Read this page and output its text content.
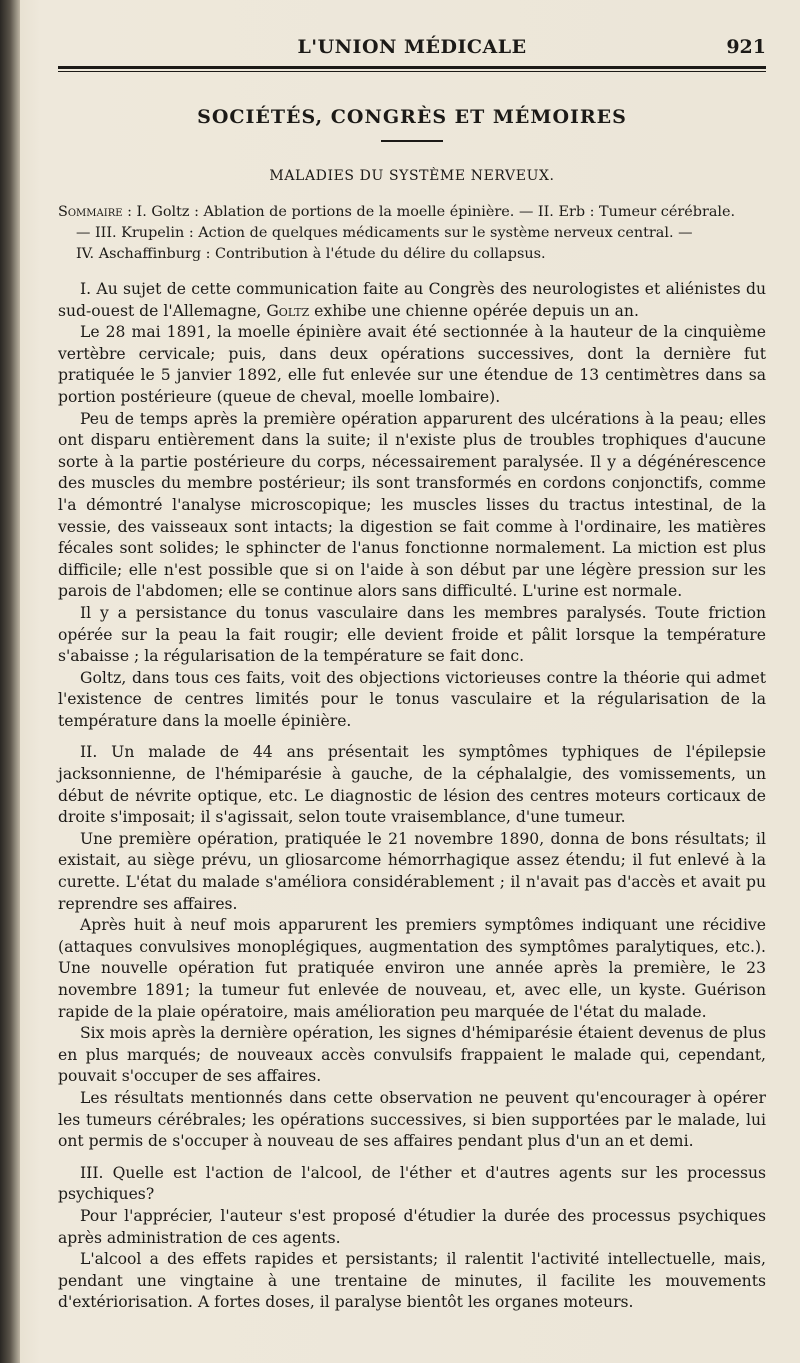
L'UNION MÉDICALE	921
SOCIÉTÉS, CONGRÈS ET MÉMOIRES
MALADIES DU SYSTÈME NERVEUX.
Sommaire : I. Goltz : Ablation de portions de la moelle épinière. — II. Erb : Tumeur cérébrale.
— III. Krupelin : Action de quelques médicaments sur le système nerveux central. —
IV. Aschaffinburg : Contribution à l'étude du délire du collapsus.

I. Au sujet de cette communication faite au Congrès des neurologistes et aliénistes du sud-ouest de l'Allemagne, Goltz exhibe une chienne opérée depuis un an.

Le 28 mai 1891, la moelle épinière avait été sectionnée à la hauteur de la cinquième vertèbre cervicale; puis, dans deux opérations successives, dont la dernière fut pratiquée le 5 janvier 1892, elle fut enlevée sur une étendue de 13 centimètres dans sa portion postérieure (queue de cheval, moelle lombaire).

Peu de temps après la première opération apparurent des ulcérations à la peau; elles ont disparu entièrement dans la suite; il n'existe plus de troubles trophiques d'aucune sorte à la partie postérieure du corps, nécessairement paralysée. Il y a dégénérescence des muscles du membre postérieur; ils sont transformés en cordons conjonctifs, comme l'a démontré l'analyse microscopique; les muscles lisses du tractus intestinal, de la vessie, des vaisseaux sont intacts; la digestion se fait comme à l'ordinaire, les matières fécales sont solides; le sphincter de l'anus fonctionne normalement. La miction est plus difficile; elle n'est possible que si on l'aide à son début par une légère pression sur les parois de l'abdomen; elle se continue alors sans difficulté. L'urine est normale.

Il y a persistance du tonus vasculaire dans les membres paralysés. Toute friction opérée sur la peau la fait rougir; elle devient froide et pâlit lorsque la température s'abaisse ; la régularisation de la température se fait donc.

Goltz, dans tous ces faits, voit des objections victorieuses contre la théorie qui admet l'existence de centres limités pour le tonus vasculaire et la régularisation de la température dans la moelle épinière.

II. Un malade de 44 ans présentait les symptômes typhiques de l'épilepsie jacksonnienne, de l'hémiparésie à gauche, de la céphalalgie, des vomissements, un début de névrite optique, etc. Le diagnostic de lésion des centres moteurs corticaux de droite s'imposait; il s'agissait, selon toute vraisemblance, d'une tumeur.

Une première opération, pratiquée le 21 novembre 1890, donna de bons résultats; il existait, au siège prévu, un gliosarcome hémorrhagique assez étendu; il fut enlevé à la curette. L'état du malade s'améliora considérablement ; il n'avait pas d'accès et avait pu reprendre ses affaires.

Après huit à neuf mois apparurent les premiers symptômes indiquant une récidive (attaques convulsives monoplégiques, augmentation des symptômes paralytiques, etc.). Une nouvelle opération fut pratiquée environ une année après la première, le 23 novembre 1891; la tumeur fut enlevée de nouveau, et, avec elle, un kyste. Guérison rapide de la plaie opératoire, mais amélioration peu marquée de l'état du malade.

Six mois après la dernière opération, les signes d'hémiparésie étaient devenus de plus en plus marqués; de nouveaux accès convulsifs frappaient le malade qui, cependant, pouvait s'occuper de ses affaires.

Les résultats mentionnés dans cette observation ne peuvent qu'encourager à opérer les tumeurs cérébrales; les opérations successives, si bien supportées par le malade, lui ont permis de s'occuper à nouveau de ses affaires pendant plus d'un an et demi.

III. Quelle est l'action de l'alcool, de l'éther et d'autres agents sur les processus psychiques?

Pour l'apprécier, l'auteur s'est proposé d'étudier la durée des processus psychiques après administration de ces agents.

L'alcool a des effets rapides et persistants; il ralentit l'activité intellectuelle, mais, pendant une vingtaine à une trentaine de minutes, il facilite les mouvements d'extériorisation. A fortes doses, il paralyse bientôt les organes moteurs.
